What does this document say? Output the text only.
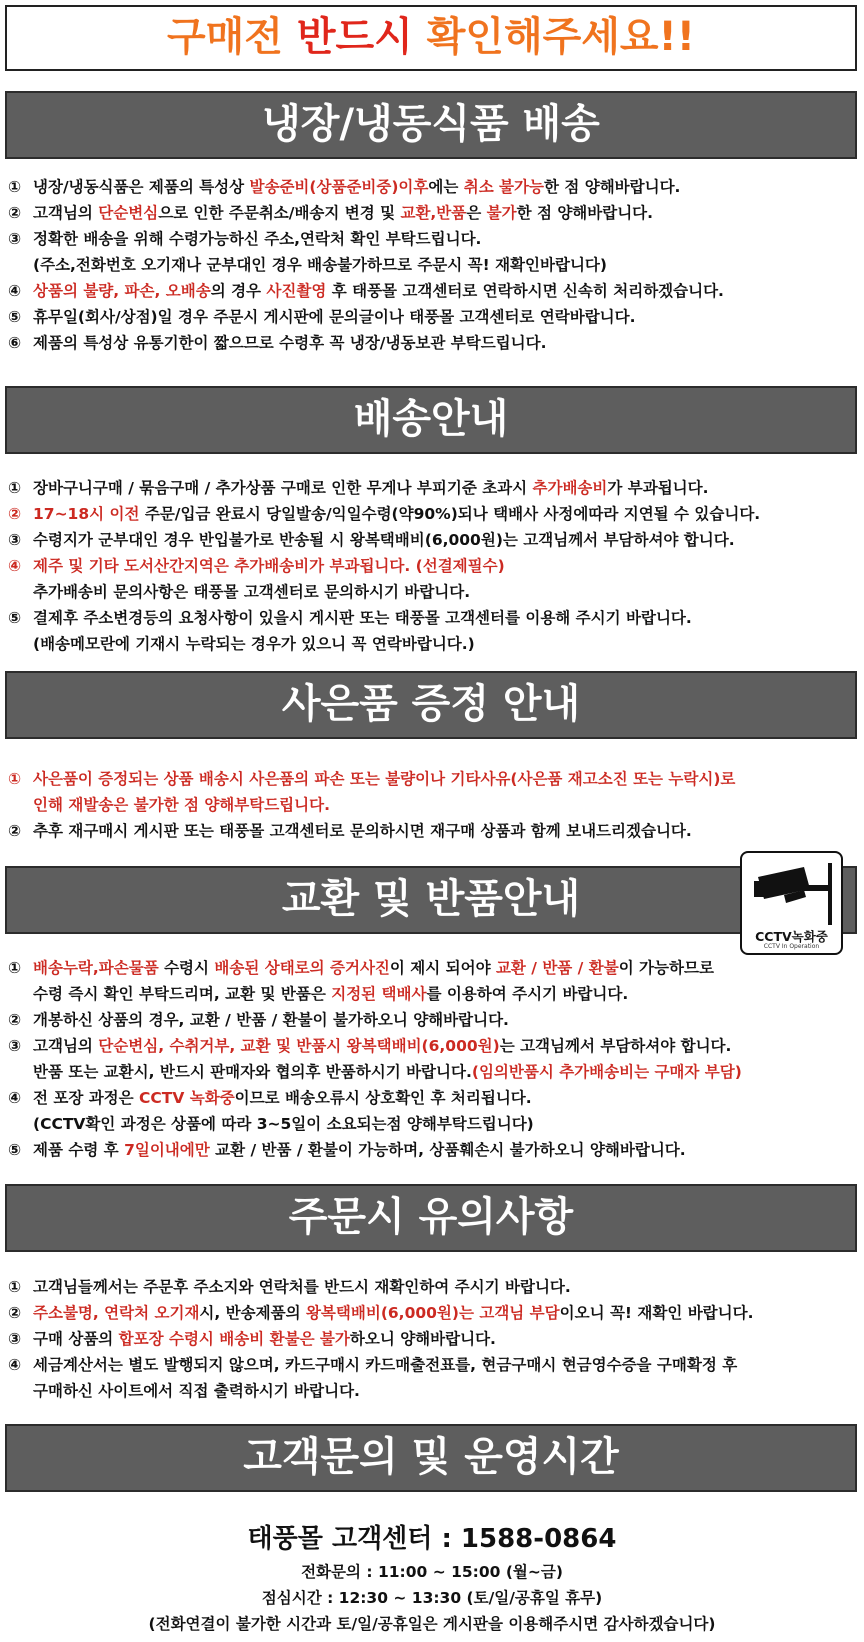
구매전 반드시 확인해주세요!!
냉장/냉동식품 배송
① 냉장/냉동식품은 제품의 특성상 발송준비(상품준비중)이후에는 취소 불가능한 점 양해바랍니다.
② 고객님의 단순변심으로 인한 주문취소/배송지 변경 및 교환,반품은 불가한 점 양해바랍니다.
③ 정확한 배송을 위해 수령가능하신 주소,연락처 확인 부탁드립니다.
(주소,전화번호 오기재나 군부대인 경우 배송불가하므로 주문시 꼭! 재확인바랍니다)
④ 상품의 불량, 파손, 오배송의 경우 사진촬영 후 태풍몰 고객센터로 연락하시면 신속히 처리하겠습니다.
⑤ 휴무일(회사/상점)일 경우 주문시 게시판에 문의글이나 태풍몰 고객센터로 연락바랍니다.
⑥ 제품의 특성상 유통기한이 짧으므로 수령후 꼭 냉장/냉동보관 부탁드립니다.
배송안내
① 장바구니구매 / 묶음구매 / 추가상품 구매로 인한 무게나 부피기준 초과시 추가배송비가 부과됩니다.
② 17~18시 이전 주문/입금 완료시 당일발송/익일수령(약90%)되나 택배사 사정에따라 지연될 수 있습니다.
③ 수령지가 군부대인 경우 반입불가로 반송될 시 왕복택배비(6,000원)는 고객님께서 부담하셔야 합니다.
④ 제주 및 기타 도서산간지역은 추가배송비가 부과됩니다. (선결제필수)
추가배송비 문의사항은 태풍몰 고객센터로 문의하시기 바랍니다.
⑤ 결제후 주소변경등의 요청사항이 있을시 게시판 또는 태풍몰 고객센터를 이용해 주시기 바랍니다.
(배송메모란에 기재시 누락되는 경우가 있으니 꼭 연락바랍니다.)
사은품 증정 안내
① 사은품이 증정되는 상품 배송시 사은품의 파손 또는 불량이나 기타사유(사은품 재고소진 또는 누락시)로
인해 재발송은 불가한 점 양해부탁드립니다.
② 추후 재구매시 게시판 또는 태풍몰 고객센터로 문의하시면 재구매 상품과 함께 보내드리겠습니다.
교환 및 반품안내
CCTV녹화중
CCTV In Operation
① 배송누락,파손물품 수령시 배송된 상태로의 증거사진이 제시 되어야 교환 / 반품 / 환불이 가능하므로
수령 즉시 확인 부탁드리며, 교환 및 반품은 지정된 택배사를 이용하여 주시기 바랍니다.
② 개봉하신 상품의 경우, 교환 / 반품 / 환불이 불가하오니 양해바랍니다.
③ 고객님의 단순변심, 수취거부, 교환 및 반품시 왕복택배비(6,000원)는 고객님께서 부담하셔야 합니다.
반품 또는 교환시, 반드시 판매자와 협의후 반품하시기 바랍니다.(임의반품시 추가배송비는 구매자 부담)
④ 전 포장 과정은 CCTV 녹화중이므로 배송오류시 상호확인 후 처리됩니다.
(CCTV확인 과정은 상품에 따라 3~5일이 소요되는점 양해부탁드립니다)
⑤ 제품 수령 후 7일이내에만 교환 / 반품 / 환불이 가능하며, 상품훼손시 불가하오니 양해바랍니다.
주문시 유의사항
① 고객님들께서는 주문후 주소지와 연락처를 반드시 재확인하여 주시기 바랍니다.
② 주소불명, 연락처 오기재시, 반송제품의 왕복택배비(6,000원)는 고객님 부담이오니 꼭! 재확인 바랍니다.
③ 구매 상품의 합포장 수령시 배송비 환불은 불가하오니 양해바랍니다.
④ 세금계산서는 별도 발행되지 않으며, 카드구매시 카드매출전표를, 현금구매시 현금영수증을 구매확정 후
구매하신 사이트에서 직접 출력하시기 바랍니다.
고객문의 및 운영시간
태풍몰 고객센터 : 1588-0864
전화문의 : 11:00 ~ 15:00 (월~금)
점심시간 : 12:30 ~ 13:30 (토/일/공휴일 휴무)
(전화연결이 불가한 시간과 토/일/공휴일은 게시판을 이용해주시면 감사하겠습니다)
